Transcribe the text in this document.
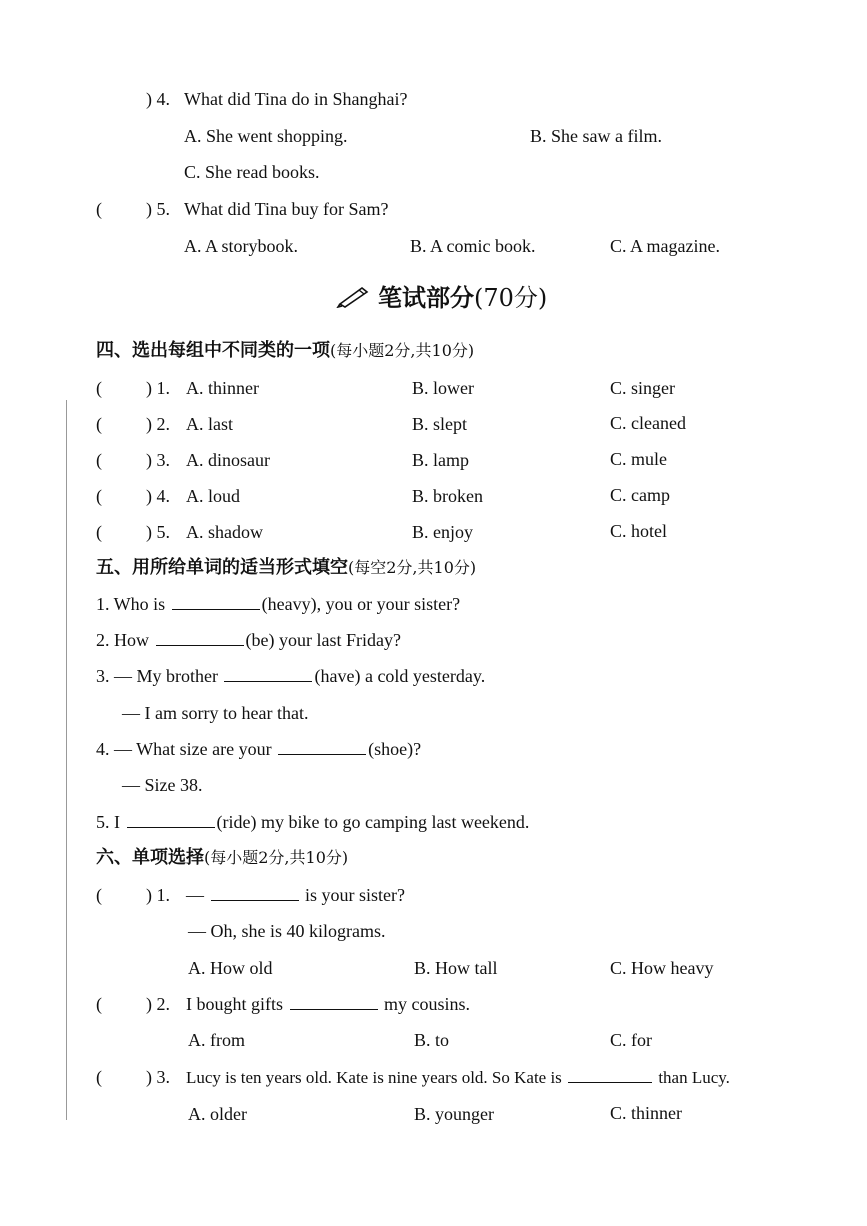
) 4. What did Tina do in Shanghai?
A. She went shopping.	B. She saw a film.
C. She read books.
( ) 5. What did Tina buy for Sam?
A. A storybook.	B. A comic book.	C. A magazine.
笔试部分(70分)
四、选出每组中不同类的一项(每小题2分,共10分)
( ) 1. A. thinner	B. lower	C. singer
( ) 2. A. last	B. slept	C. cleaned
( ) 3. A. dinosaur	B. lamp	C. mule
( ) 4. A. loud	B. broken	C. camp
( ) 5. A. shadow	B. enjoy	C. hotel
五、用所给单词的适当形式填空(每空2分,共10分)
1. Who is	(heavy), you or your sister?
2. How	(be) your last Friday?
3. — My brother	(have) a cold yesterday.
— I am sorry to hear that.
4. — What size are your	(shoe)?
— Size 38.
5. I	(ride) my bike to go camping last weekend.
六、单项选择(每小题2分,共10分)
( ) 1. —	is your sister?
— Oh, she is 40 kilograms.
A. How old	B. How tall	C. How heavy
( ) 2. I bought gifts	my cousins.
A. from	B. to	C. for
( ) 3. Lucy is ten years old. Kate is nine years old. So Kate is	than Lucy.
A. older	B. younger	C. thinner
